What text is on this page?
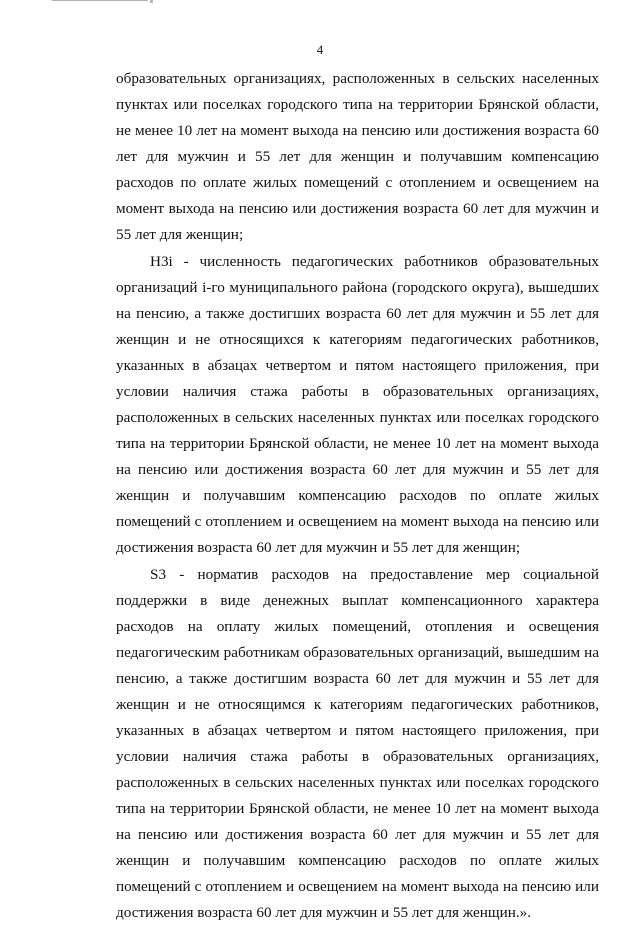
4

образовательных организациях, расположенных в сельских населенных пунктах или поселках городского типа на территории Брянской области, не менее 10 лет на момент выхода на пенсию или достижения возраста 60 лет для мужчин и 55 лет для женщин и получавшим компенсацию расходов по оплате жилых помещений с отоплением и освещением на момент выхода на пенсию или достижения возраста 60 лет для мужчин и 55 лет для женщин;

Н3i - численность педагогических работников образовательных организаций i-го муниципального района (городского округа), вышедших на пенсию, а также достигших возраста 60 лет для мужчин и 55 лет для женщин и не относящихся к категориям педагогических работников, указанных в абзацах четвертом и пятом настоящего приложения, при условии наличия стажа работы в образовательных организациях, расположенных в сельских населенных пунктах или поселках городского типа на территории Брянской области, не менее 10 лет на момент выхода на пенсию или достижения возраста 60 лет для мужчин и 55 лет для женщин и получавшим компенсацию расходов по оплате жилых помещений с отоплением и освещением на момент выхода на пенсию или достижения возраста 60 лет для мужчин и 55 лет для женщин;

S3 - норматив расходов на предоставление мер социальной поддержки в виде денежных выплат компенсационного характера расходов на оплату жилых помещений, отопления и освещения педагогическим работникам образовательных организаций, вышедшим на пенсию, а также достигшим возраста 60 лет для мужчин и 55 лет для женщин и не относящимся к категориям педагогических работников, указанных в абзацах четвертом и пятом настоящего приложения, при условии наличия стажа работы в образовательных организациях, расположенных в сельских населенных пунктах или поселках городского типа на территории Брянской области, не менее 10 лет на момент выхода на пенсию или достижения возраста 60 лет для мужчин и 55 лет для женщин и получавшим компенсацию расходов по оплате жилых помещений с отоплением и освещением на момент выхода на пенсию или достижения возраста 60 лет для мужчин и 55 лет для женщин.».
